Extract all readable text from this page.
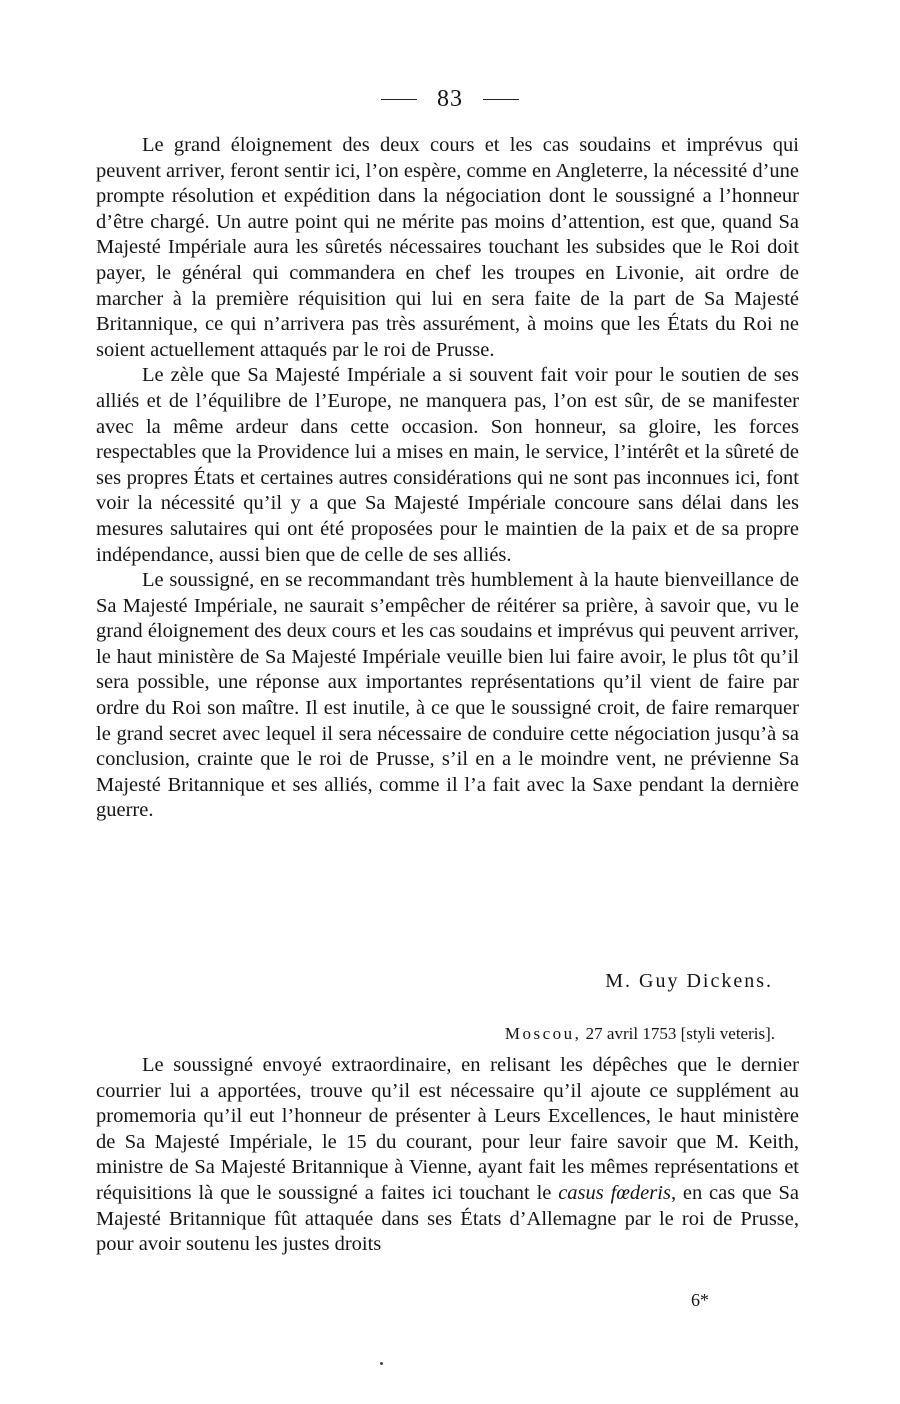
83

Le grand éloignement des deux cours et les cas soudains et imprévus qui peuvent arriver, feront sentir ici, l’on espère, comme en Angleterre, la nécessité d’une prompte résolution et expédition dans la négociation dont le soussigné a l’honneur d’être chargé. Un autre point qui ne mérite pas moins d’attention, est que, quand Sa Majesté Impériale aura les sûretés nécessaires touchant les subsides que le Roi doit payer, le général qui commandera en chef les troupes en Livonie, ait ordre de marcher à la première réquisition qui lui en sera faite de la part de Sa Majesté Britannique, ce qui n’arrivera pas très assurément, à moins que les États du Roi ne soient actuellement attaqués par le roi de Prusse.

Le zèle que Sa Majesté Impériale a si souvent fait voir pour le soutien de ses alliés et de l’équilibre de l’Europe, ne manquera pas, l’on est sûr, de se manifester avec la même ardeur dans cette occasion. Son honneur, sa gloire, les forces respectables que la Providence lui a mises en main, le service, l’intérêt et la sûreté de ses propres États et certaines autres considérations qui ne sont pas inconnues ici, font voir la nécessité qu’il y a que Sa Majesté Impériale concoure sans délai dans les mesures salutaires qui ont été proposées pour le maintien de la paix et de sa propre indépendance, aussi bien que de celle de ses alliés.

Le soussigné, en se recommandant très humblement à la haute bienveillance de Sa Majesté Impériale, ne saurait s’empêcher de réitérer sa prière, à savoir que, vu le grand éloignement des deux cours et les cas soudains et imprévus qui peuvent arriver, le haut ministère de Sa Majesté Impériale veuille bien lui faire avoir, le plus tôt qu’il sera possible, une réponse aux importantes représentations qu’il vient de faire par ordre du Roi son maître. Il est inutile, à ce que le soussigné croit, de faire remarquer le grand secret avec lequel il sera nécessaire de conduire cette négociation jusqu’à sa conclusion, crainte que le roi de Prusse, s’il en a le moindre vent, ne prévienne Sa Majesté Britannique et ses alliés, comme il l’a fait avec la Saxe pendant la dernière guerre.

M. Guy Dickens.
Moscou, 27 avril 1753 [styli veteris].

Le soussigné envoyé extraordinaire, en relisant les dépêches que le dernier courrier lui a apportées, trouve qu’il est nécessaire qu’il ajoute ce supplément au promemoria qu’il eut l’honneur de présenter à Leurs Excellences, le haut ministère de Sa Majesté Impériale, le 15 du courant, pour leur faire savoir que M. Keith, ministre de Sa Majesté Britannique à Vienne, ayant fait les mêmes représentations et réquisitions là que le soussigné a faites ici touchant le casus fœderis, en cas que Sa Majesté Britannique fût attaquée dans ses États d’Allemagne par le roi de Prusse, pour avoir soutenu les justes droits

6*
